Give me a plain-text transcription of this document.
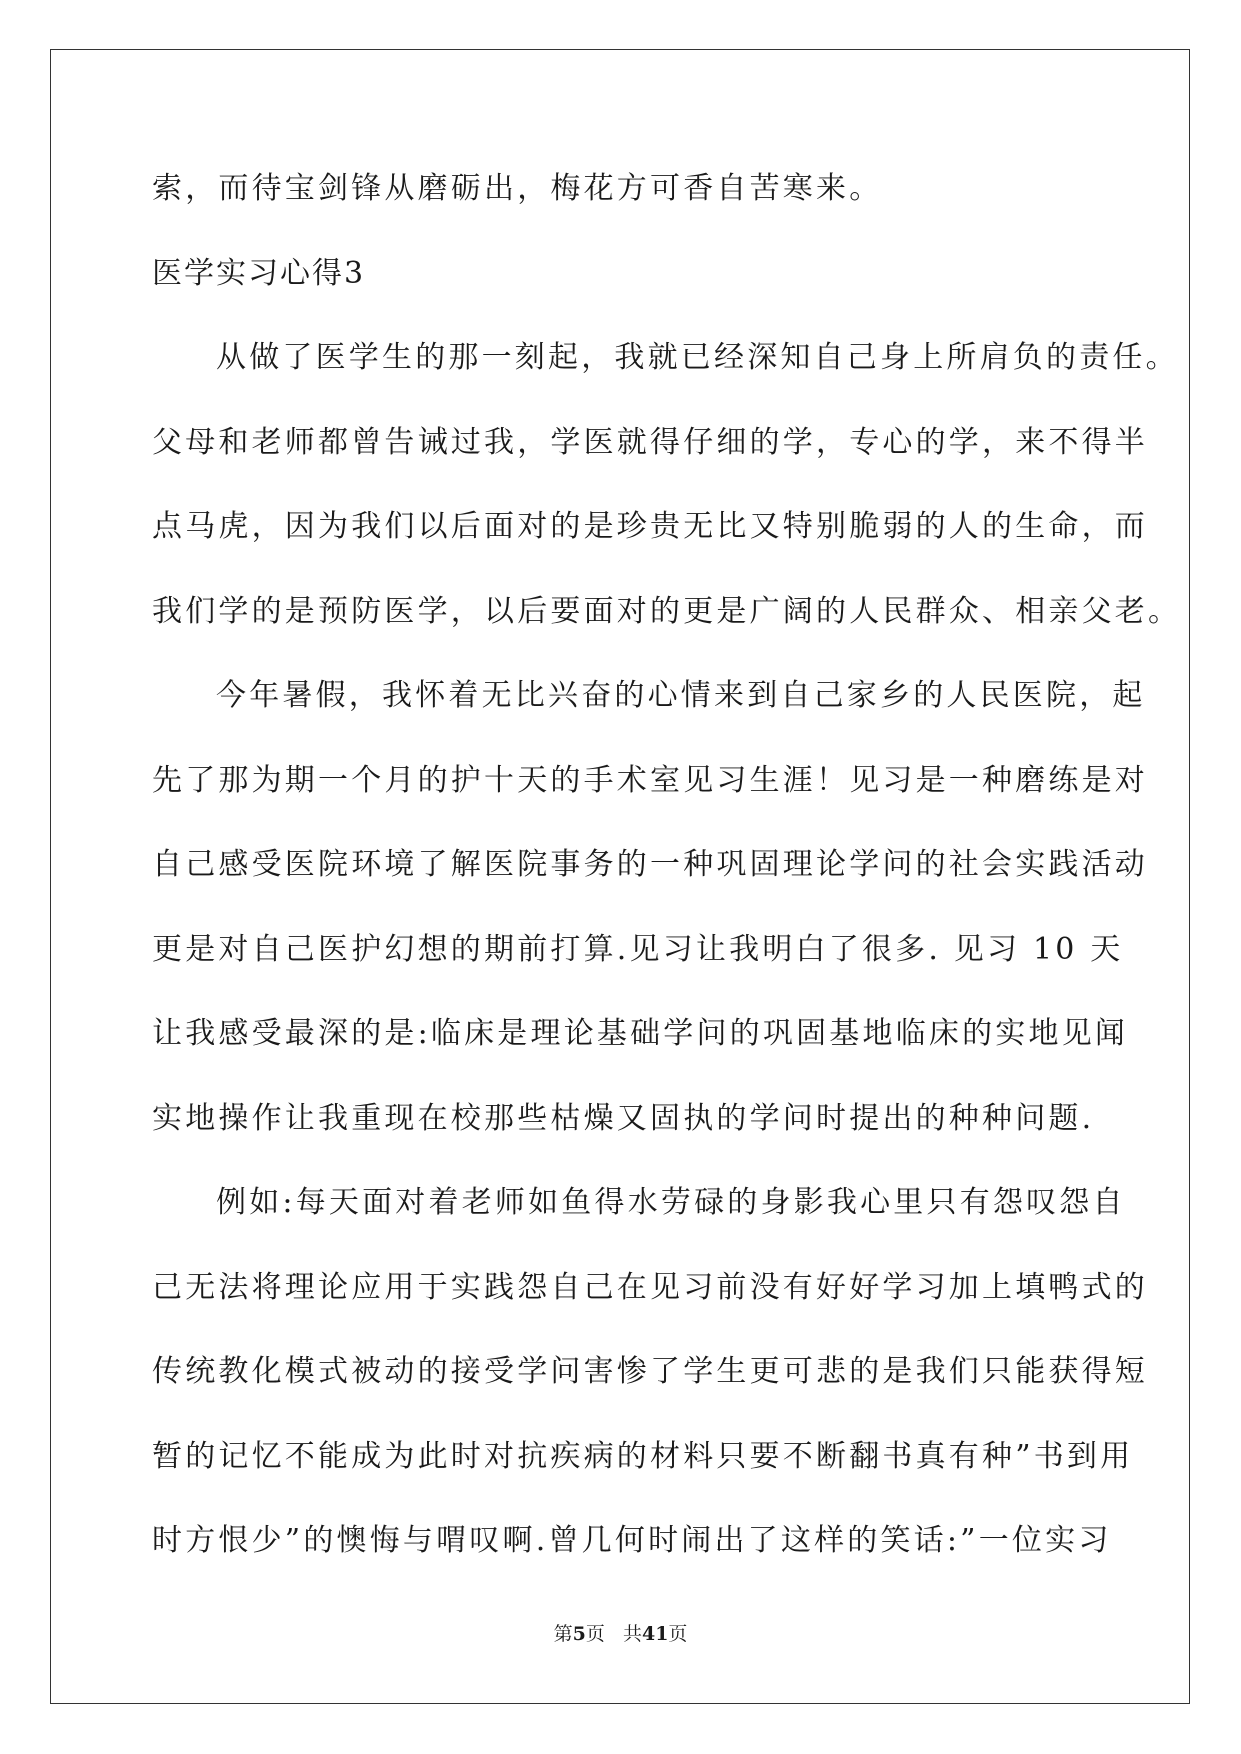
索，而待宝剑锋从磨砺出，梅花方可香自苦寒来。
医学实习心得3
从做了医学生的那一刻起，我就已经深知自己身上所肩负的责任。
父母和老师都曾告诫过我，学医就得仔细的学，专心的学，来不得半
点马虎，因为我们以后面对的是珍贵无比又特别脆弱的人的生命，而
我们学的是预防医学，以后要面对的更是广阔的人民群众、相亲父老。
今年暑假，我怀着无比兴奋的心情来到自己家乡的人民医院，起
先了那为期一个月的护十天的手术室见习生涯！见习是一种磨练是对
自己感受医院环境了解医院事务的一种巩固理论学问的社会实践活动
更是对自己医护幻想的期前打算.见习让我明白了很多. 见习 10 天
让我感受最深的是:临床是理论基础学问的巩固基地临床的实地见闻
实地操作让我重现在校那些枯燥又固执的学问时提出的种种问题.
例如:每天面对着老师如鱼得水劳碌的身影我心里只有怨叹怨自
己无法将理论应用于实践怨自己在见习前没有好好学习加上填鸭式的
传统教化模式被动的接受学问害惨了学生更可悲的是我们只能获得短
暂的记忆不能成为此时对抗疾病的材料只要不断翻书真有种”书到用
时方恨少”的懊悔与喟叹啊.曾几何时闹出了这样的笑话:”一位实习
第5页 共41页
